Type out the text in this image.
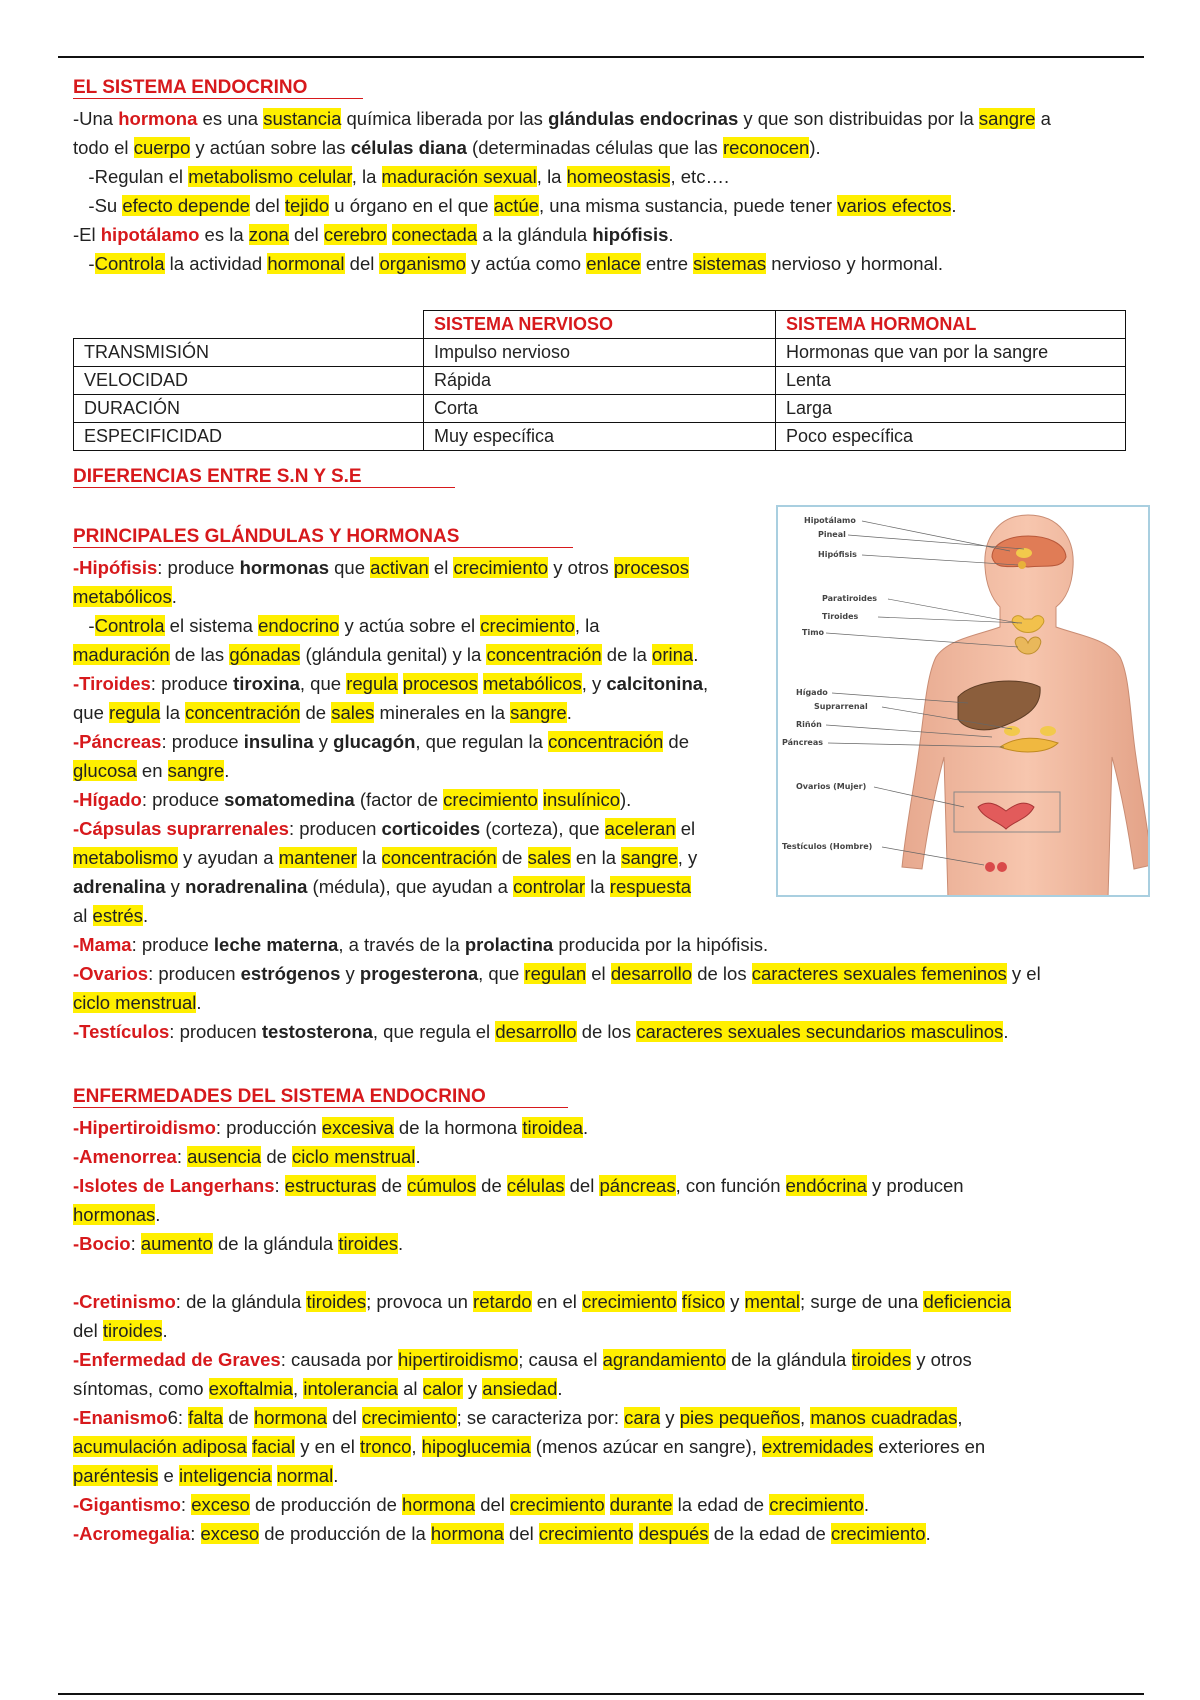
EL SISTEMA ENDOCRINO
-Una hormona es una sustancia química liberada por las glándulas endocrinas y que son distribuidas por la sangre a
todo el cuerpo y actúan sobre las células diana (determinadas células que las reconocen).
-Regulan el metabolismo celular, la maduración sexual, la homeostasis, etc….
-Su efecto depende del tejido u órgano en el que actúe, una misma sustancia, puede tener varios efectos.
-El hipotálamo es la zona del cerebro conectada a la glándula hipófisis.
-Controla la actividad hormonal del organismo y actúa como enlace entre sistemas nervioso y hormonal.
	SISTEMA NERVIOSO	SISTEMA HORMONAL
TRANSMISIÓN	Impulso nervioso	Hormonas que van por la sangre
VELOCIDAD	Rápida	Lenta
DURACIÓN	Corta	Larga
ESPECIFICIDAD	Muy específica	Poco específica
DIFERENCIAS ENTRE S.N Y S.E
PRINCIPALES GLÁNDULAS Y HORMONAS
-Hipófisis: produce hormonas que activan el crecimiento y otros procesos
metabólicos.
-Controla el sistema endocrino y actúa sobre el crecimiento, la
maduración de las gónadas (glándula genital) y la concentración de la orina.
-Tiroides: produce tiroxina, que regula procesos metabólicos, y calcitonina,
que regula la concentración de sales minerales en la sangre.
-Páncreas: produce insulina y glucagón, que regulan la concentración de
glucosa en sangre.
-Hígado: produce somatomedina (factor de crecimiento insulínico).
-Cápsulas suprarrenales: producen corticoides (corteza), que aceleran el
metabolismo y ayudan a mantener la concentración de sales en la sangre, y
adrenalina y noradrenalina (médula), que ayudan a controlar la respuesta
al estrés.
-Mama: produce leche materna, a través de la prolactina producida por la hipófisis.
-Ovarios: producen estrógenos y progesterona, que regulan el desarrollo de los caracteres sexuales femeninos y el
ciclo menstrual.
-Testículos: producen testosterona, que regula el desarrollo de los caracteres sexuales secundarios masculinos.
Hipotálamo
Pineal
Hipófisis
Paratiroides
Tiroides
Timo
Hígado
Suprarrenal
Riñón
Páncreas
Ovarios (Mujer)
Testículos (Hombre)
ENFERMEDADES DEL SISTEMA ENDOCRINO
-Hipertiroidismo: producción excesiva de la hormona tiroidea.
-Amenorrea: ausencia de ciclo menstrual.
-Islotes de Langerhans: estructuras de cúmulos de células del páncreas, con función endócrina y producen
hormonas.
-Bocio: aumento de la glándula tiroides.
-Cretinismo: de la glándula tiroides; provoca un retardo en el crecimiento físico y mental; surge de una deficiencia
del tiroides.
-Enfermedad de Graves: causada por hipertiroidismo; causa el agrandamiento de la glándula tiroides y otros
síntomas, como exoftalmia, intolerancia al calor y ansiedad.
-Enanismo6: falta de hormona del crecimiento; se caracteriza por: cara y pies pequeños, manos cuadradas,
acumulación adiposa facial y en el tronco, hipoglucemia (menos azúcar en sangre), extremidades exteriores en
paréntesis e inteligencia normal.
-Gigantismo: exceso de producción de hormona del crecimiento durante la edad de crecimiento.
-Acromegalia: exceso de producción de la hormona del crecimiento después de la edad de crecimiento.
